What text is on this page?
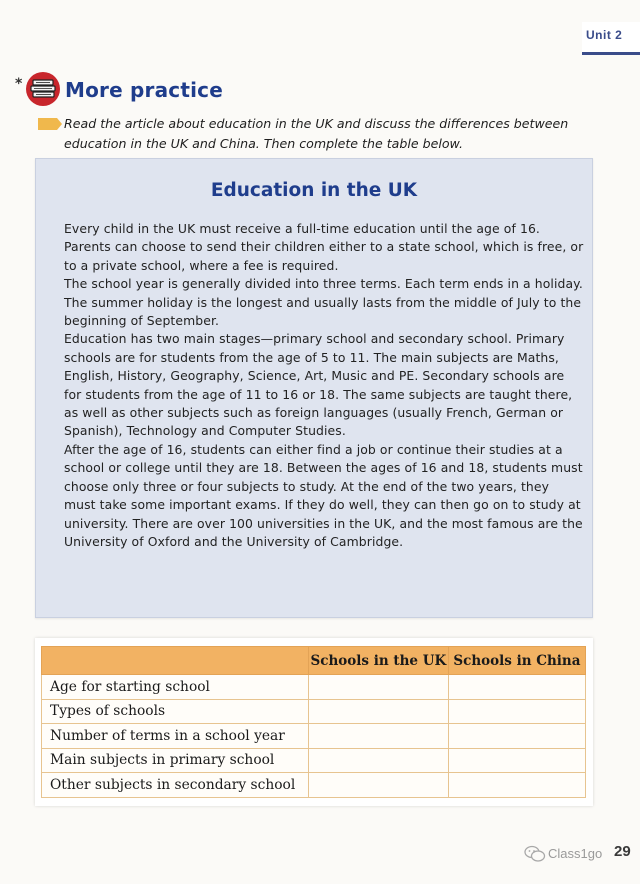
Unit 2
* More practice
Read the article about education in the UK and discuss the differences between education in the UK and China. Then complete the table below.
Education in the UK

Every child in the UK must receive a full-time education until the age of 16. Parents can choose to send their children either to a state school, which is free, or to a private school, where a fee is required.

The school year is generally divided into three terms. Each term ends in a holiday. The summer holiday is the longest and usually lasts from the middle of July to the beginning of September.

Education has two main stages—primary school and secondary school. Primary schools are for students from the age of 5 to 11. The main subjects are Maths, English, History, Geography, Science, Art, Music and PE. Secondary schools are for students from the age of 11 to 16 or 18. The same subjects are taught there, as well as other subjects such as foreign languages (usually French, German or Spanish), Technology and Computer Studies.

After the age of 16, students can either find a job or continue their studies at a school or college until they are 18. Between the ages of 16 and 18, students must choose only three or four subjects to study. At the end of the two years, they must take some important exams. If they do well, they can then go on to study at university. There are over 100 universities in the UK, and the most famous are the University of Oxford and the University of Cambridge.

	Schools in the UK	Schools in China
Age for starting school		
Types of schools		
Number of terms in a school year		
Main subjects in primary school		
Other subjects in secondary school		
Class1go 29
